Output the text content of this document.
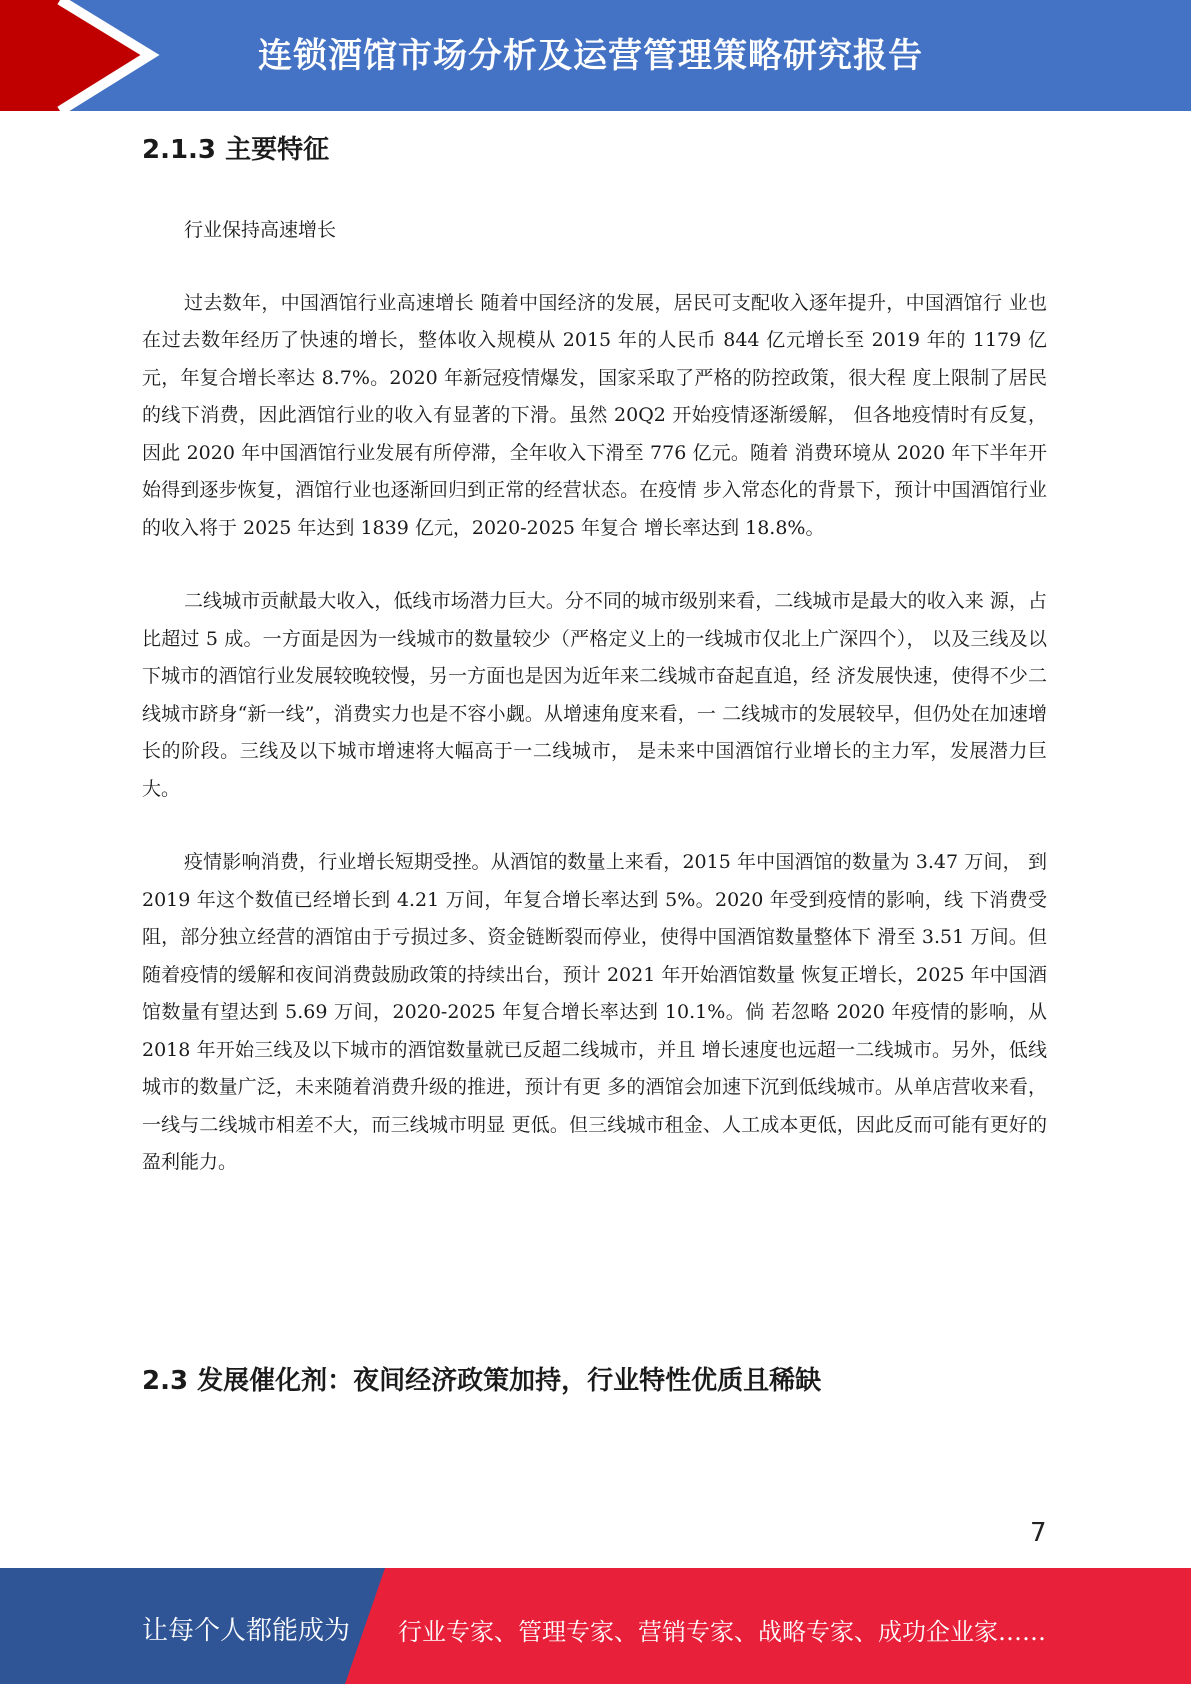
连锁酒馆市场分析及运营管理策略研究报告
2.1.3 主要特征

行业保持高速增长

过去数年，中国酒馆行业高速增长 随着中国经济的发展，居民可支配收入逐年提升，中国酒馆行 业也在过去数年经历了快速的增长，整体收入规模从 2015 年的人民币 844 亿元增长至 2019 年的 1179 亿元，年复合增长率达 8.7%。2020 年新冠疫情爆发，国家采取了严格的防控政策，很大程 度上限制了居民的线下消费，因此酒馆行业的收入有显著的下滑。虽然 20Q2 开始疫情逐渐缓解， 但各地疫情时有反复，因此 2020 年中国酒馆行业发展有所停滞，全年收入下滑至 776 亿元。随着 消费环境从 2020 年下半年开始得到逐步恢复，酒馆行业也逐渐回归到正常的经营状态。在疫情 步入常态化的背景下，预计中国酒馆行业的收入将于 2025 年达到 1839 亿元，2020-2025 年复合 增长率达到 18.8%。

二线城市贡献最大收入，低线市场潜力巨大。分不同的城市级别来看，二线城市是最大的收入来 源，占比超过 5 成。一方面是因为一线城市的数量较少（严格定义上的一线城市仅北上广深四个）， 以及三线及以下城市的酒馆行业发展较晚较慢，另一方面也是因为近年来二线城市奋起直追，经 济发展快速，使得不少二线城市跻身“新一线”，消费实力也是不容小觑。从增速角度来看，一 二线城市的发展较早，但仍处在加速增长的阶段。三线及以下城市增速将大幅高于一二线城市， 是未来中国酒馆行业增长的主力军，发展潜力巨大。

疫情影响消费，行业增长短期受挫。从酒馆的数量上来看，2015 年中国酒馆的数量为 3.47 万间， 到 2019 年这个数值已经增长到 4.21 万间，年复合增长率达到 5%。2020 年受到疫情的影响，线 下消费受阻，部分独立经营的酒馆由于亏损过多、资金链断裂而停业，使得中国酒馆数量整体下 滑至 3.51 万间。但随着疫情的缓解和夜间消费鼓励政策的持续出台，预计 2021 年开始酒馆数量 恢复正增长，2025 年中国酒馆数量有望达到 5.69 万间，2020-2025 年复合增长率达到 10.1%。倘 若忽略 2020 年疫情的影响，从 2018 年开始三线及以下城市的酒馆数量就已反超二线城市，并且 增长速度也远超一二线城市。另外，低线城市的数量广泛，未来随着消费升级的推进，预计有更 多的酒馆会加速下沉到低线城市。从单店营收来看，一线与二线城市相差不大，而三线城市明显 更低。但三线城市租金、人工成本更低，因此反而可能有更好的盈利能力。

2.3 发展催化剂：夜间经济政策加持，行业特性优质且稀缺
7
让每个人都能成为 行业专家、管理专家、营销专家、战略专家、成功企业家……
